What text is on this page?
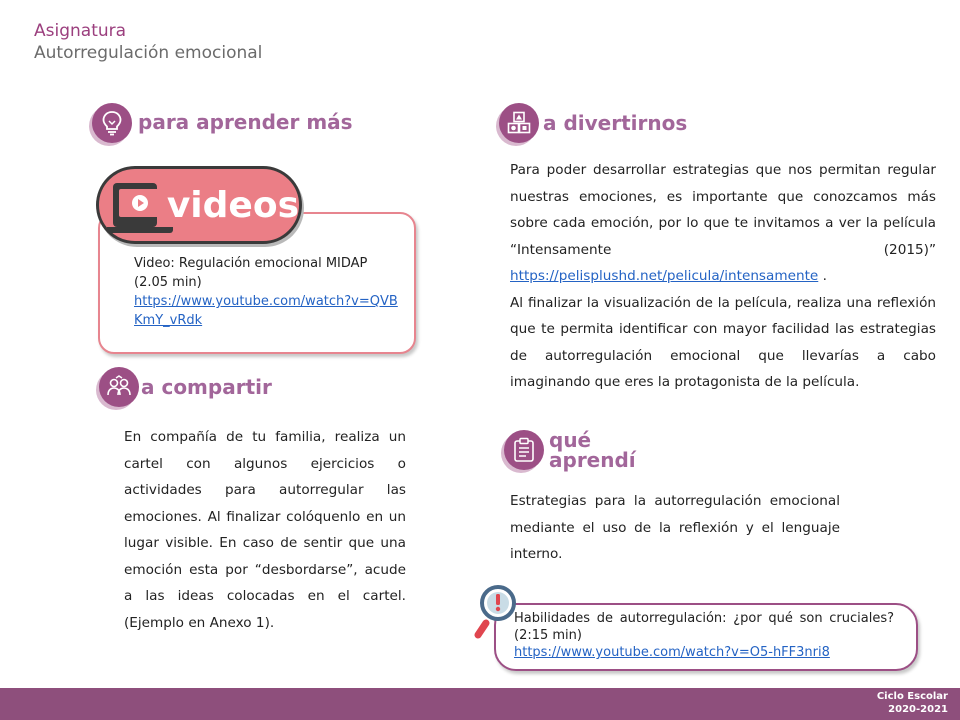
Asignatura
Autorregulación emocional
para aprender más
Video: Regulación emocional MIDAP (2.05 min)
https://www.youtube.com/watch?v=QVBKmY_vRdk
videos
a compartir
En compañía de tu familia, realiza un cartel con algunos ejercicios o actividades para autorregular las emociones. Al finalizar colóquenlo en un lugar visible. En caso de sentir que una emoción esta por “desbordarse”, acude a las ideas colocadas en el cartel. (Ejemplo en Anexo 1).
a divertirnos
Para poder desarrollar estrategias que nos permitan regular nuestras emociones, es importante que conozcamos más sobre cada emoción, por lo que te invitamos a ver la película “Intensamente (2015)” https://pelisplushd.net/pelicula/intensamente .
Al finalizar la visualización de la película, realiza una reflexión que te permita identificar con mayor facilidad las estrategias de autorregulación emocional que llevarías a cabo imaginando que eres la protagonista de la película.
qué
aprendí
Estrategias para la autorregulación emocional mediante el uso de la reflexión y el lenguaje interno.
Habilidades de autorregulación: ¿por qué son cruciales? (2:15 min)
https://www.youtube.com/watch?v=O5-hFF3nri8
Ciclo Escolar
2020-2021
